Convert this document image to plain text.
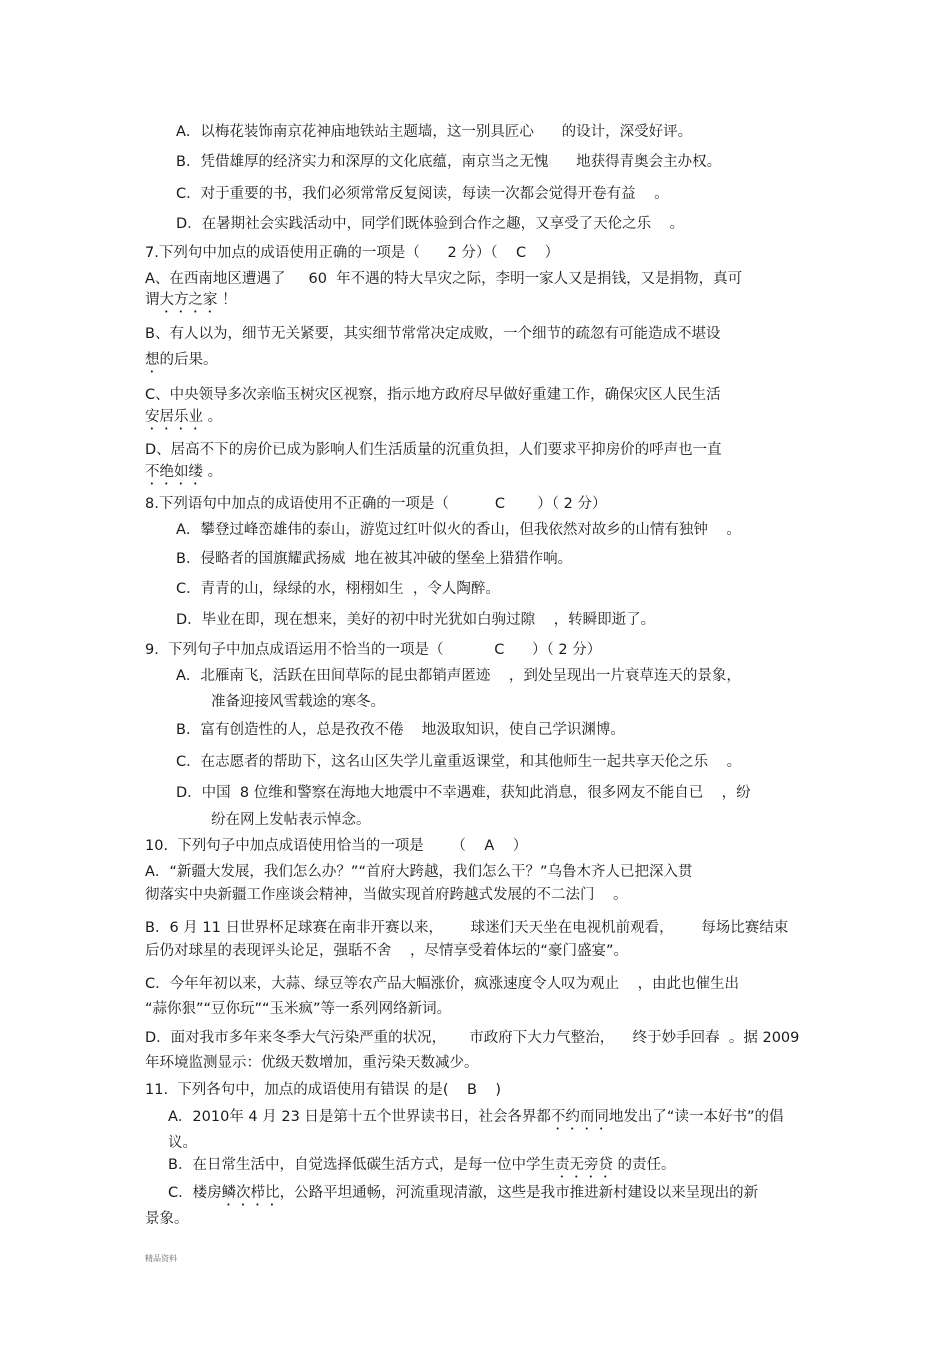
A．以梅花装饰南京花神庙地铁站主题墙，这一别具匠心 的设计，深受好评。
B．凭借雄厚的经济实力和深厚的文化底蕴，南京当之无愧 地获得青奥会主办权。
C．对于重要的书，我们必须常常反复阅读，每读一次都会觉得开卷有益 。
D．在暑期社会实践活动中，同学们既体验到合作之趣，又享受了天伦之乐 。
7.下列句中加点的成语使用正确的一项是（      2 分）（    C    ）
A、在西南地区遭遇了     60  年不遇的特大旱灾之际，李明一家人又是捐钱，又是捐物，真可
谓大方之家 ！
B、有人以为，细节无关紧要，其实细节常常决定成败，一个细节的疏忽有可能造成不堪设
想的后果。
C、中央领导多次亲临玉树灾区视察，指示地方政府尽早做好重建工作，确保灾区人民生活
安居乐业 。
D、居高不下的房价已成为影响人们生活质量的沉重负担，人们要求平抑房价的呼声也一直
不绝如缕 。
8.下列语句中加点的成语使用不正确的一项是（          C       ）（ 2 分）
A．攀登过峰峦雄伟的泰山，游览过红叶似火的香山，但我依然对故乡的山情有独钟 。
B．侵略者的国旗耀武扬威 地在被其冲破的堡垒上猎猎作响。
C．青青的山，绿绿的水，栩栩如生 ，令人陶醉。
D．毕业在即，现在想来，美好的初中时光犹如白驹过隙 ，转瞬即逝了。
9.  下列句子中加点成语运用不恰当的一项是（           C      ）（ 2 分）
A．北雁南飞，活跃在田间草际的昆虫都销声匿迹 ，到处呈现出一片衰草连天的景象，
准备迎接风雪载途的寒冬。
B．富有创造性的人，总是孜孜不倦    地汲取知识，使自己学识渊博。
C．在志愿者的帮助下，这名山区失学儿童重返课堂，和其他师生一起共享天伦之乐 。
D．中国  8 位维和警察在海地大地震中不幸遇难，获知此消息，很多网友不能自已 ，纷
纷在网上发帖表示悼念。
10.  下列句子中加点成语使用恰当的一项是      （    A    ）
A．“新疆大发展，我们怎么办？”“首府大跨越，我们怎么干？”乌鲁木齐人已把深入贯
彻落实中央新疆工作座谈会精神，当做实现首府跨越式发展的不二法门 。
B．6 月 11 日世界杯足球赛在南非开赛以来，      球迷们天天坐在电视机前观看，      每场比赛结束
后仍对球星的表现评头论足，强聒不舍 ，尽情享受着体坛的“豪门盛宴”。
C．今年年初以来，大蒜、绿豆等农产品大幅涨价，疯涨速度令人叹为观止 ，由此也催生出
“蒜你狠”“豆你玩”“玉米疯”等一系列网络新词。
D．面对我市多年来冬季大气污染严重的状况，     市政府下大力气整治，    终于妙手回春 。据 2009
年环境监测显示：优级天数增加，重污染天数减少。
11.  下列各句中，加点的成语使用有错误 的是(    B    )
A．2010年 4 月 23 日是第十五个世界读书日，社会各界都不约而同地发出了“读一本好书”的倡
议。
B．在日常生活中，自觉选择低碳生活方式，是每一位中学生责无旁贷 的责任。
C．楼房鳞次栉比，公路平坦通畅，河流重现清澈，这些是我市推进新村建设以来呈现出的新
景象。
精品资料
